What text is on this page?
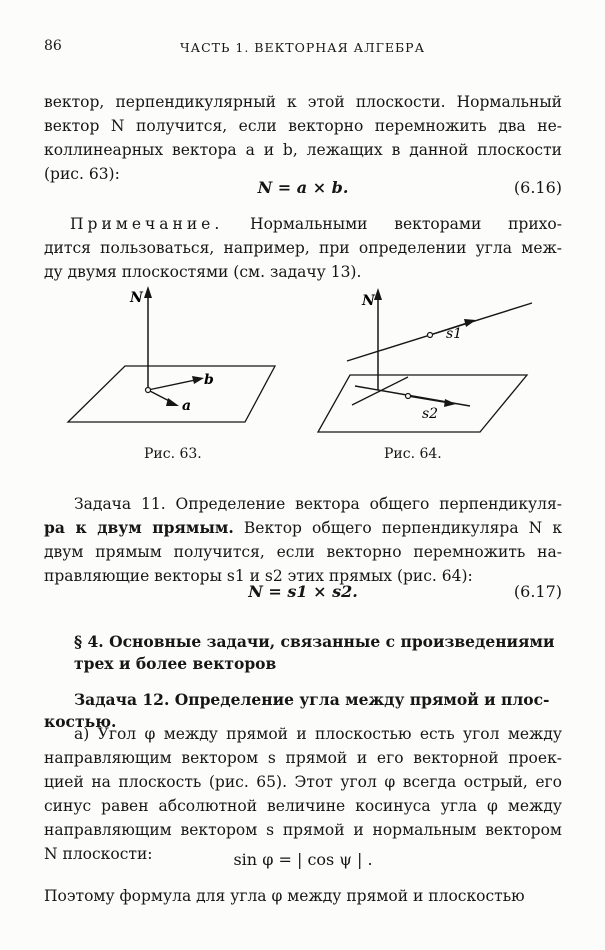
86	ЧАСТЬ 1. ВЕКТОРНАЯ АЛГЕБРА
вектор, перпендикулярный к этой плоскости. Нормальный
вектор N получится, если векторно перемножить два не-
коллинеарных вектора a и b, лежащих в данной плоскости
(рис. 63):
N = a × b.	(6.16)
Примечание. Нормальными векторами прихо-
дится пользоваться, например, при определении угла меж-
ду двумя плоскостями (см. задачу 13).
N
b
a
Рис. 63.
N
s1
s2
Рис. 64.
Задача 11. Определение вектора общего перпендикуля-
ра к двум прямым. Вектор общего перпендикуляра N к
двум прямым получится, если векторно перемножить на-
правляющие векторы s1 и s2 этих прямых (рис. 64):
N = s1 × s2.	(6.17)
§ 4. Основные задачи, связанные с произведениями
трех и более векторов
Задача 12. Определение угла между прямой и плос-
костью.
а) Угол φ между прямой и плоскостью есть угол между
направляющим вектором s прямой и его векторной проек-
цией на плоскость (рис. 65). Этот угол φ всегда острый, его
синус равен абсолютной величине косинуса угла φ между
направляющим вектором s прямой и нормальным вектором
N плоскости:	sin φ = | cos ψ | .
Поэтому формула для угла φ между прямой и плоскостью
